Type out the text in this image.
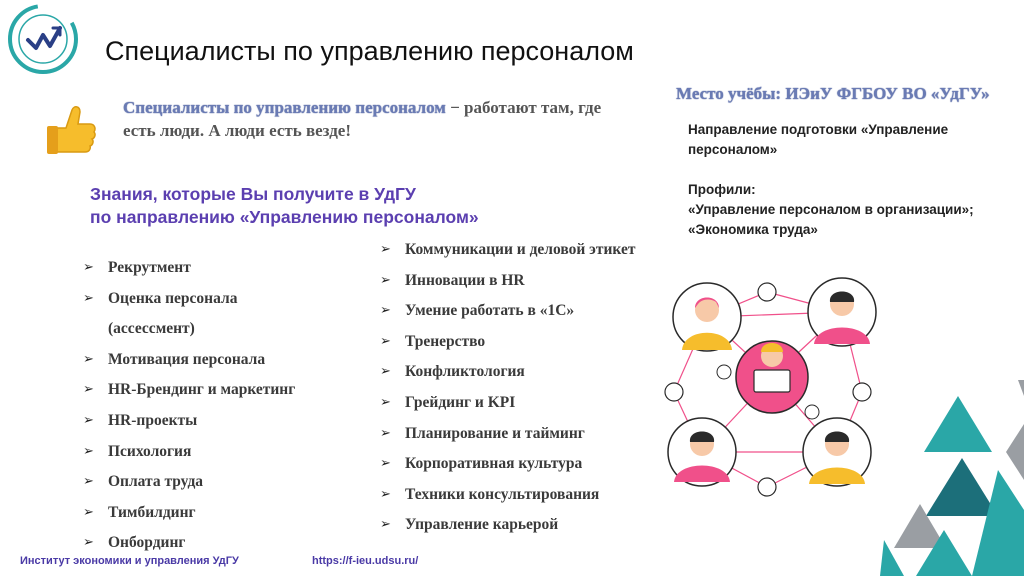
Специалисты по управлению персоналом
Специалисты по управлению персоналом − работают там, где есть люди. А люди есть везде!
Знания, которые Вы получите в УдГУ
по направлению «Управлению персоналом»
➢ Рекрутмент
➢ Оценка персонала
(ассессмент)
➢ Мотивация персонала
➢ HR-Брендинг и маркетинг
➢ HR-проекты
➢ Психология
➢ Оплата труда
➢ Тимбилдинг
➢ Онбординг
➢ Коммуникации и деловой этикет
➢ Инновации в HR
➢ Умение работать в «1С»
➢ Тренерство
➢ Конфликтология
➢ Грейдинг и KPI
➢ Планирование и тайминг
➢ Корпоративная культура
➢ Техники консультирования
➢ Управление карьерой
Место учёбы: ИЭиУ ФГБОУ ВО «УдГУ»

Направление подготовки «Управление персоналом»

Профили:
«Управление персоналом в организации»;
«Экономика труда»
Институт экономики и управления УдГУ	https://f-ieu.udsu.ru/
